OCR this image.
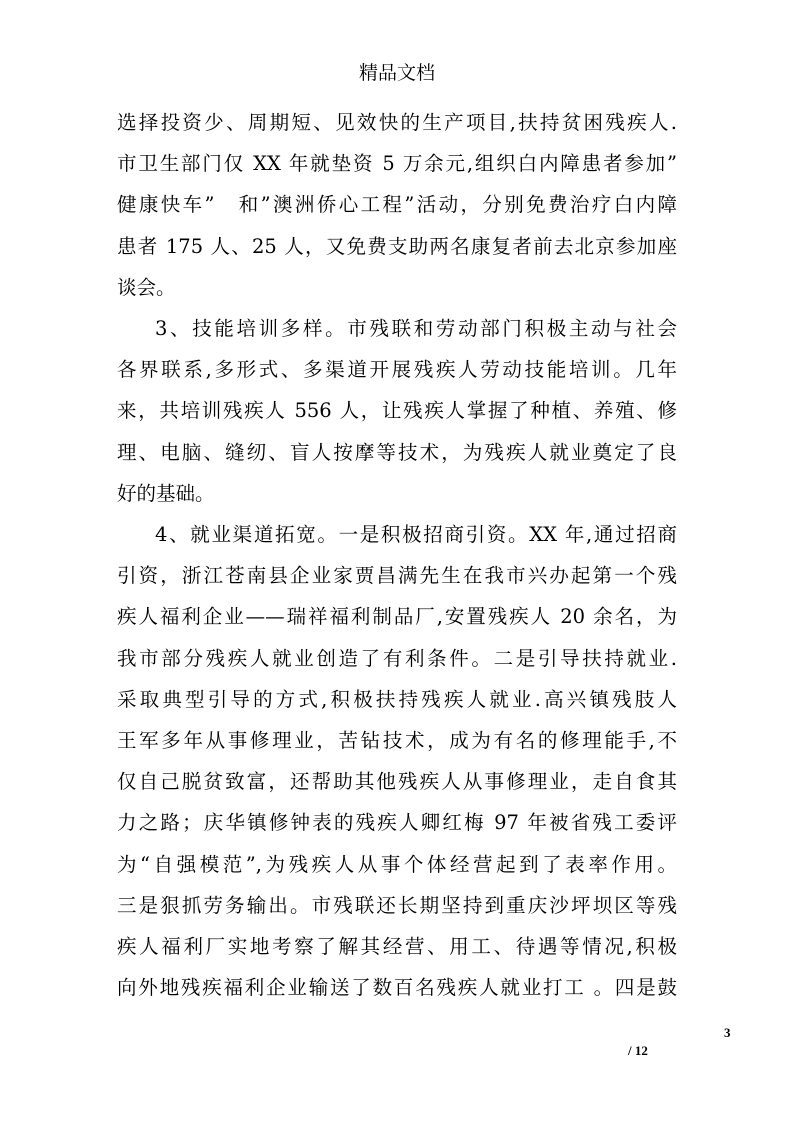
精品文档
选择投资少、周期短、见效快的生产项目,扶持贫困残疾人.
市卫生部门仅 XX 年就垫资 5 万余元,组织白内障患者参加”
健康快车”　和”澳洲侨心工程”活动，分别免费治疗白内障
患者 175 人、25 人，又免费支助两名康复者前去北京参加座
谈会。
3、技能培训多样。市残联和劳动部门积极主动与社会
各界联系,多形式、多渠道开展残疾人劳动技能培训。几年
来，共培训残疾人 556 人，让残疾人掌握了种植、养殖、修
理、电脑、缝纫、盲人按摩等技术，为残疾人就业奠定了良
好的基础。
4、就业渠道拓宽。一是积极招商引资。XX 年,通过招商
引资，浙江苍南县企业家贾昌满先生在我市兴办起第一个残
疾人福利企业——瑞祥福利制品厂,安置残疾人 20 余名，为
我市部分残疾人就业创造了有利条件。二是引导扶持就业.
采取典型引导的方式,积极扶持残疾人就业.高兴镇残肢人
王军多年从事修理业，苦钻技术，成为有名的修理能手,不
仅自己脱贫致富，还帮助其他残疾人从事修理业，走自食其
力之路；庆华镇修钟表的残疾人卿红梅 97 年被省残工委评
为“自强模范”,为残疾人从事个体经营起到了表率作用。
三是狠抓劳务输出。市残联还长期坚持到重庆沙坪坝区等残
疾人福利厂实地考察了解其经营、用工、待遇等情况,积极
向外地残疾福利企业输送了数百名残疾人就业打工 。四是鼓
3
/ 12
